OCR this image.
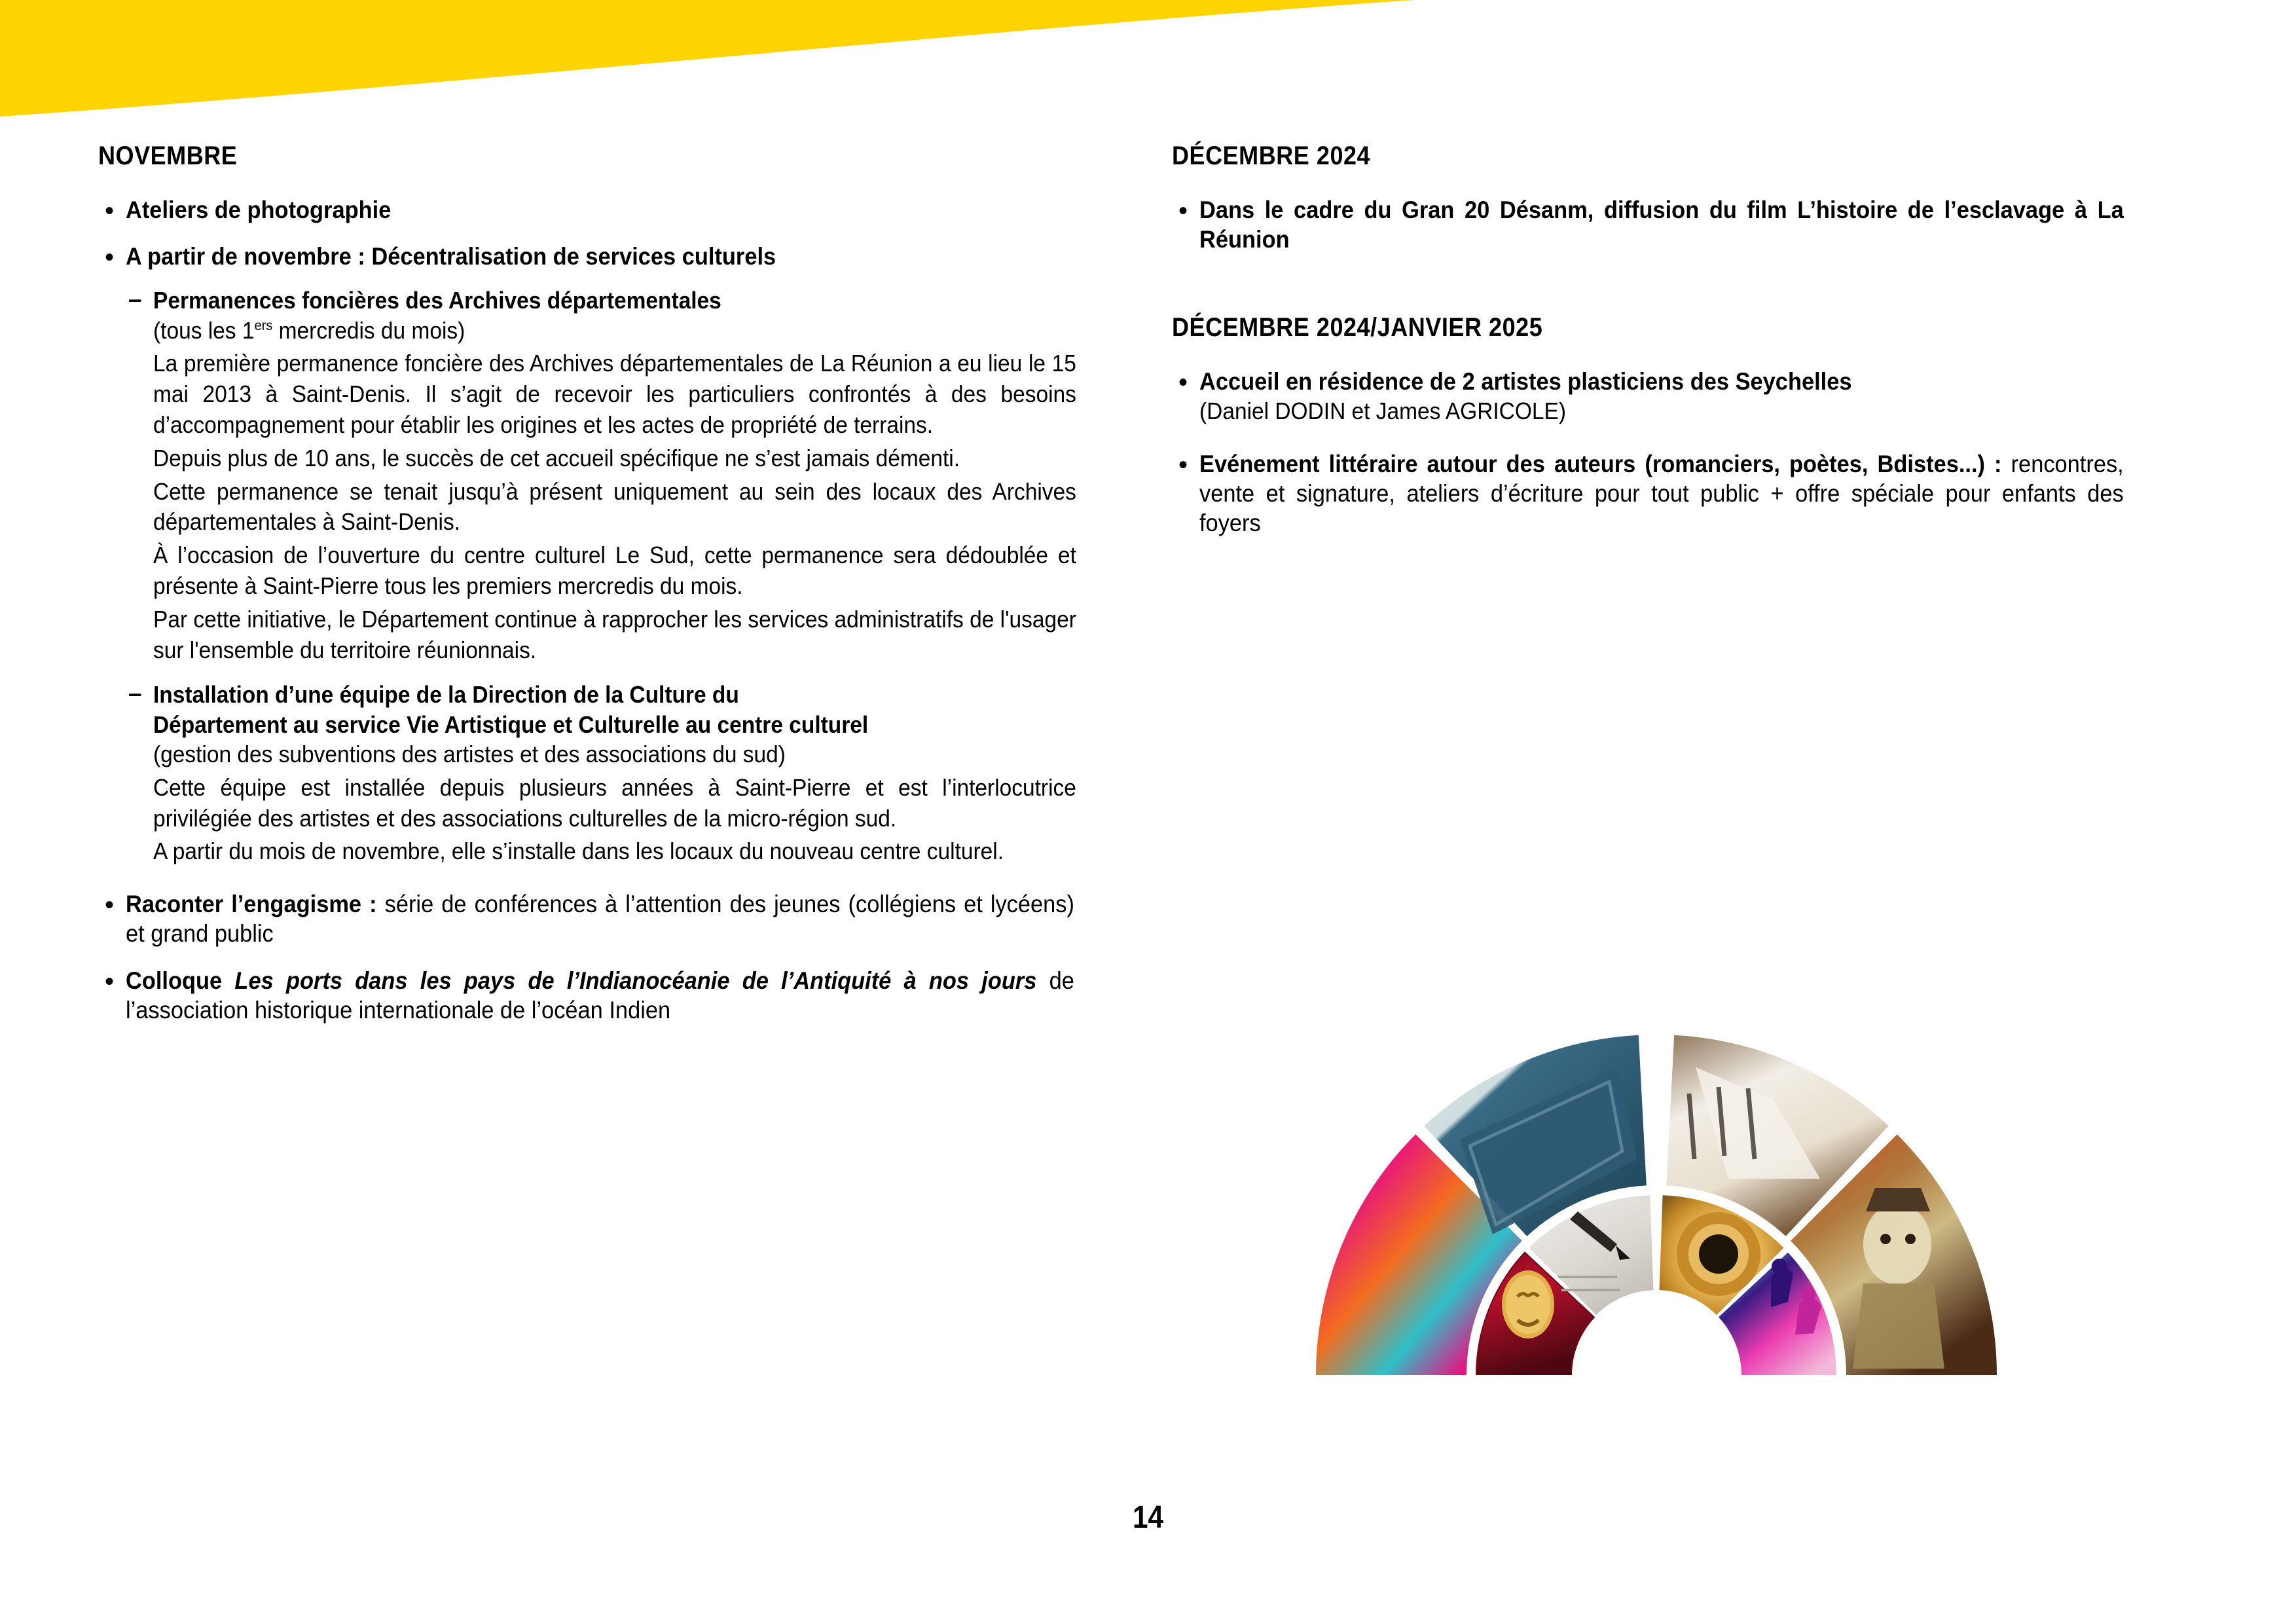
NOVEMBRE
• Ateliers de photographie
• A partir de novembre : Décentralisation de services culturels
– Permanences foncières des Archives départementales
(tous les 1ers mercredis du mois)

La première permanence foncière des Archives départementales de La Réunion a eu lieu le 15 mai 2013 à Saint-Denis. Il s’agit de recevoir les particuliers confrontés à des besoins d’accompagnement pour établir les origines et les actes de propriété de terrains.

Depuis plus de 10 ans, le succès de cet accueil spécifique ne s’est jamais démenti.

Cette permanence se tenait jusqu’à présent uniquement au sein des locaux des Archives départementales à Saint-Denis.

À l’occasion de l’ouverture du centre culturel Le Sud, cette permanence sera dédoublée et présente à Saint-Pierre tous les premiers mercredis du mois.

Par cette initiative, le Département continue à rapprocher les services administratifs de l'usager sur l'ensemble du territoire réunionnais.

– Installation d’une équipe de la Direction de la Culture du
Département au service Vie Artistique et Culturelle au centre culturel
(gestion des subventions des artistes et des associations du sud)

Cette équipe est installée depuis plusieurs années à Saint-Pierre et est l’interlocutrice privilégiée des artistes et des associations culturelles de la micro-région sud.

A partir du mois de novembre, elle s’installe dans les locaux du nouveau centre culturel.

• Raconter l’engagisme : série de conférences à l’attention des jeunes (collégiens et lycéens) et grand public
• Colloque Les ports dans les pays de l’Indianocéanie de l’Antiquité à nos jours de l’association historique internationale de l’océan Indien
DÉCEMBRE 2024
• Dans le cadre du Gran 20 Désanm, diffusion du film L’histoire de l’esclavage à La Réunion
DÉCEMBRE 2024/JANVIER 2025
• Accueil en résidence de 2 artistes plasticiens des Seychelles
(Daniel DODIN et James AGRICOLE)
• Evénement littéraire autour des auteurs (romanciers, poètes, Bdistes...) : rencontres, vente et signature, ateliers d’écriture pour tout public + offre spéciale pour enfants des foyers
14
